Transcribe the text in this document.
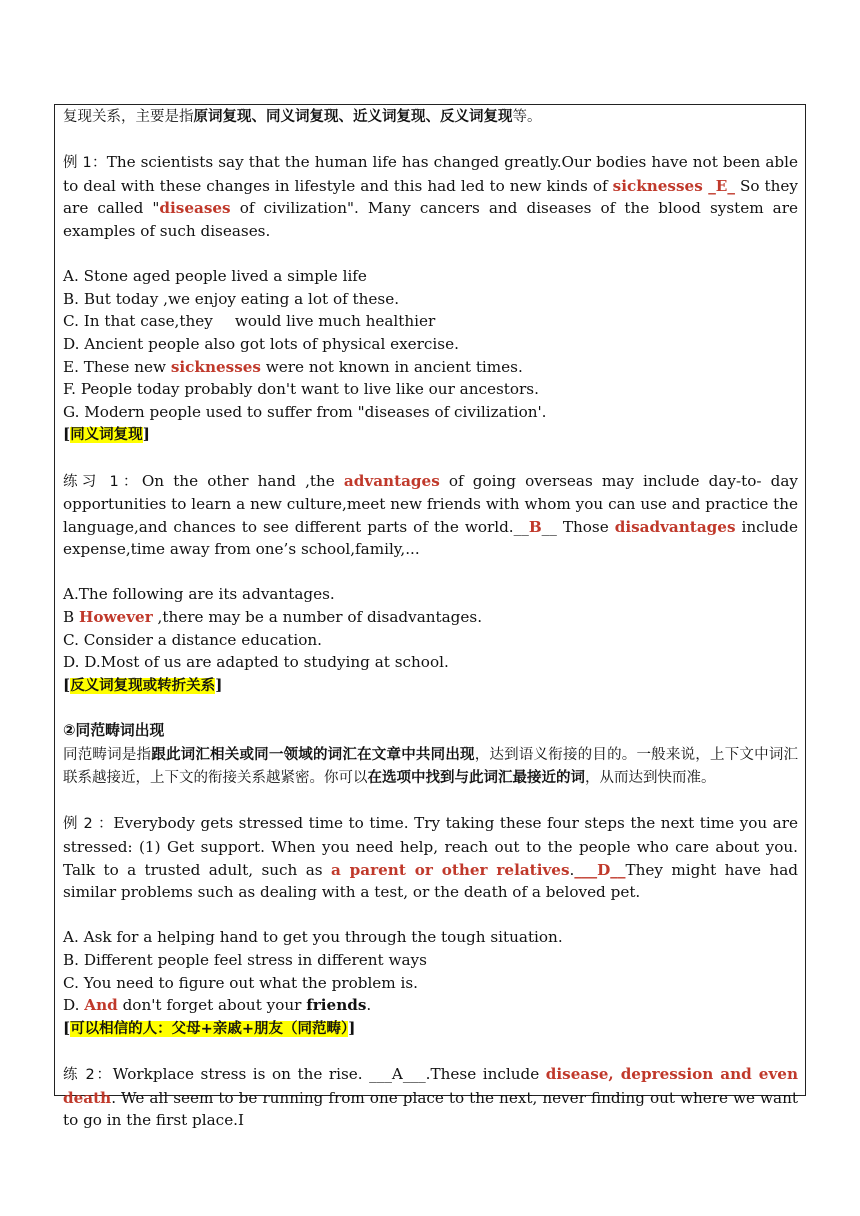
复现关系，主要是指原词复现、同义词复现、近义词复现、反义词复现等。

例 1：The scientists say that the human life has changed greatly.Our bodies have not been able to deal with these changes in lifestyle and this had led to new kinds of sicknesses _E_ So they are called "diseases of civilization". Many cancers and diseases of the blood system are examples of such diseases.

A. Stone aged people lived a simple life

B. But today ,we enjoy eating a lot of these.

C. In that case,they would live much healthier

D. Ancient people also got lots of physical exercise.

E. These new sicknesses were not known in ancient times.

F. People today probably don't want to live like our ancestors.

G. Modern people used to suffer from "diseases of civilization'.

[同义词复现]

练习 1：On the other hand ,the advantages of going overseas may include day-to- day opportunities to learn a new culture,meet new friends with whom you can use and practice the language,and chances to see different parts of the world.__B__ Those disadvantages include expense,time away from one’s school,family,...

A.The following are its advantages.

B However ,there may be a number of disadvantages.

C. Consider a distance education.

D. D.Most of us are adapted to studying at school.

[反义词复现或转折关系]

②同范畴词出现

同范畴词是指跟此词汇相关或同一领域的词汇在文章中共同出现，达到语义衔接的目的。一般来说，上下文中词汇联系越接近，上下文的衔接关系越紧密。你可以在选项中找到与此词汇最接近的词，从而达到快而准。

例 2 ：Everybody gets stressed time to time. Try taking these four steps the next time you are stressed: (1) Get support. When you need help, reach out to the people who care about you. Talk to a trusted adult, such as a parent or other relatives.___D__They might have had similar problems such as dealing with a test, or the death of a beloved pet.

A. Ask for a helping hand to get you through the tough situation.

B. Different people feel stress in different ways

C. You need to figure out what the problem is.

D. And don't forget about your friends.

[可以相信的人：父母+亲戚+朋友（同范畴）]

练 2：Workplace stress is on the rise. ___A___.These include disease, depression and even death. We all seem to be running from one place to the next, never finding out where we want to go in the first place.I
